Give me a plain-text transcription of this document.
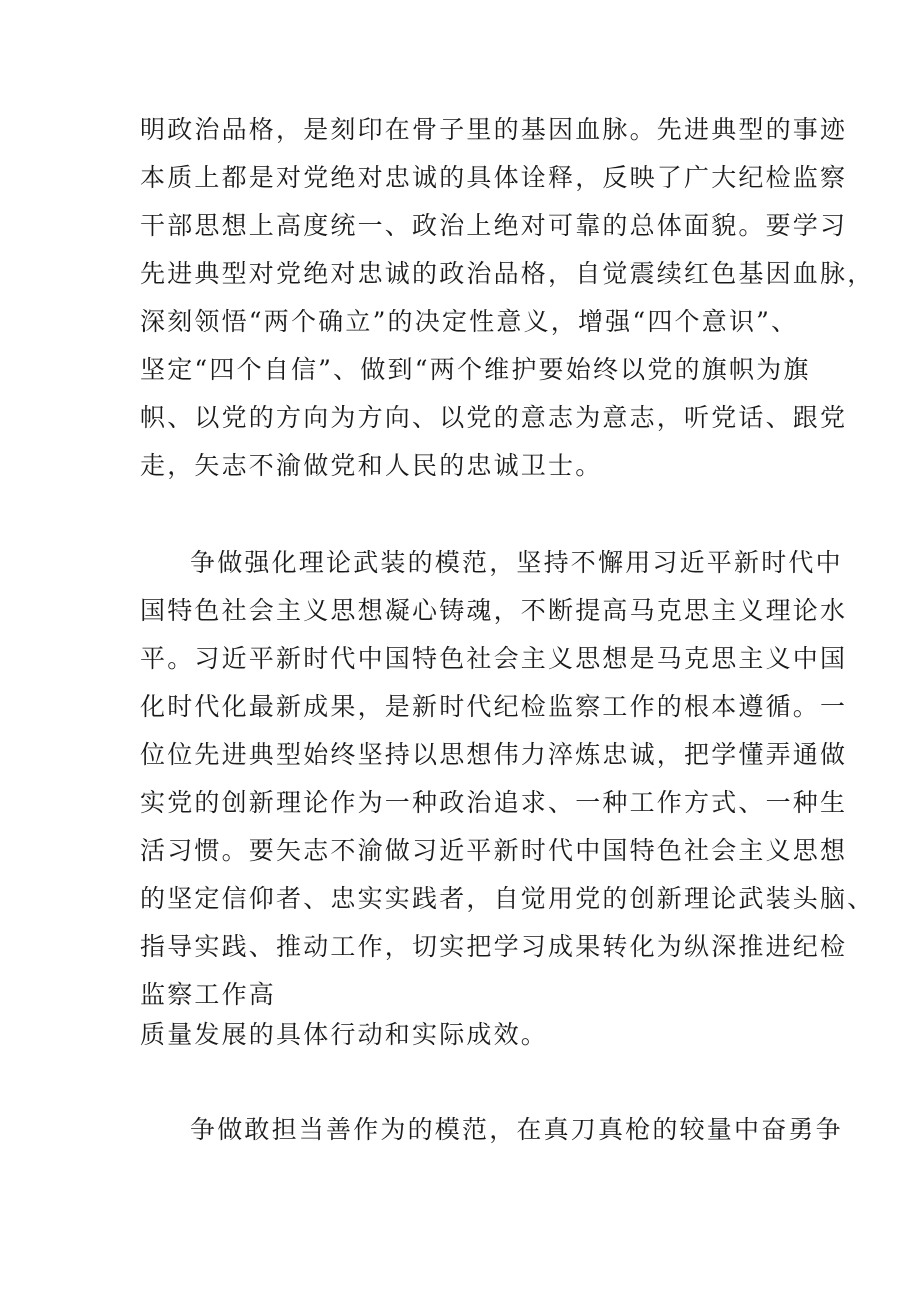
明政治品格，是刻印在骨子里的基因血脉。先进典型的事迹
本质上都是对党绝对忠诚的具体诠释，反映了广大纪检监察
干部思想上高度统一、政治上绝对可靠的总体面貌。要学习
先进典型对党绝对忠诚的政治品格，自觉震续红色基因血脉，
深刻领悟“两个确立”的决定性意义，增强“四个意识”、
坚定“四个自信”、做到“两个维护要始终以党的旗帜为旗
帜、以党的方向为方向、以党的意志为意志，听党话、跟党
走，矢志不渝做党和人民的忠诚卫士。
争做强化理论武装的模范，坚持不懈用习近平新时代中
国特色社会主义思想凝心铸魂，不断提高马克思主义理论水
平。习近平新时代中国特色社会主义思想是马克思主义中国
化时代化最新成果，是新时代纪检监察工作的根本遵循。一
位位先进典型始终坚持以思想伟力淬炼忠诚，把学懂弄通做
实党的创新理论作为一种政治追求、一种工作方式、一种生
活习惯。要矢志不渝做习近平新时代中国特色社会主义思想
的坚定信仰者、忠实实践者，自觉用党的创新理论武装头脑、
指导实践、推动工作，切实把学习成果转化为纵深推进纪检
监察工作高
质量发展的具体行动和实际成效。
争做敢担当善作为的模范，在真刀真枪的较量中奋勇争
